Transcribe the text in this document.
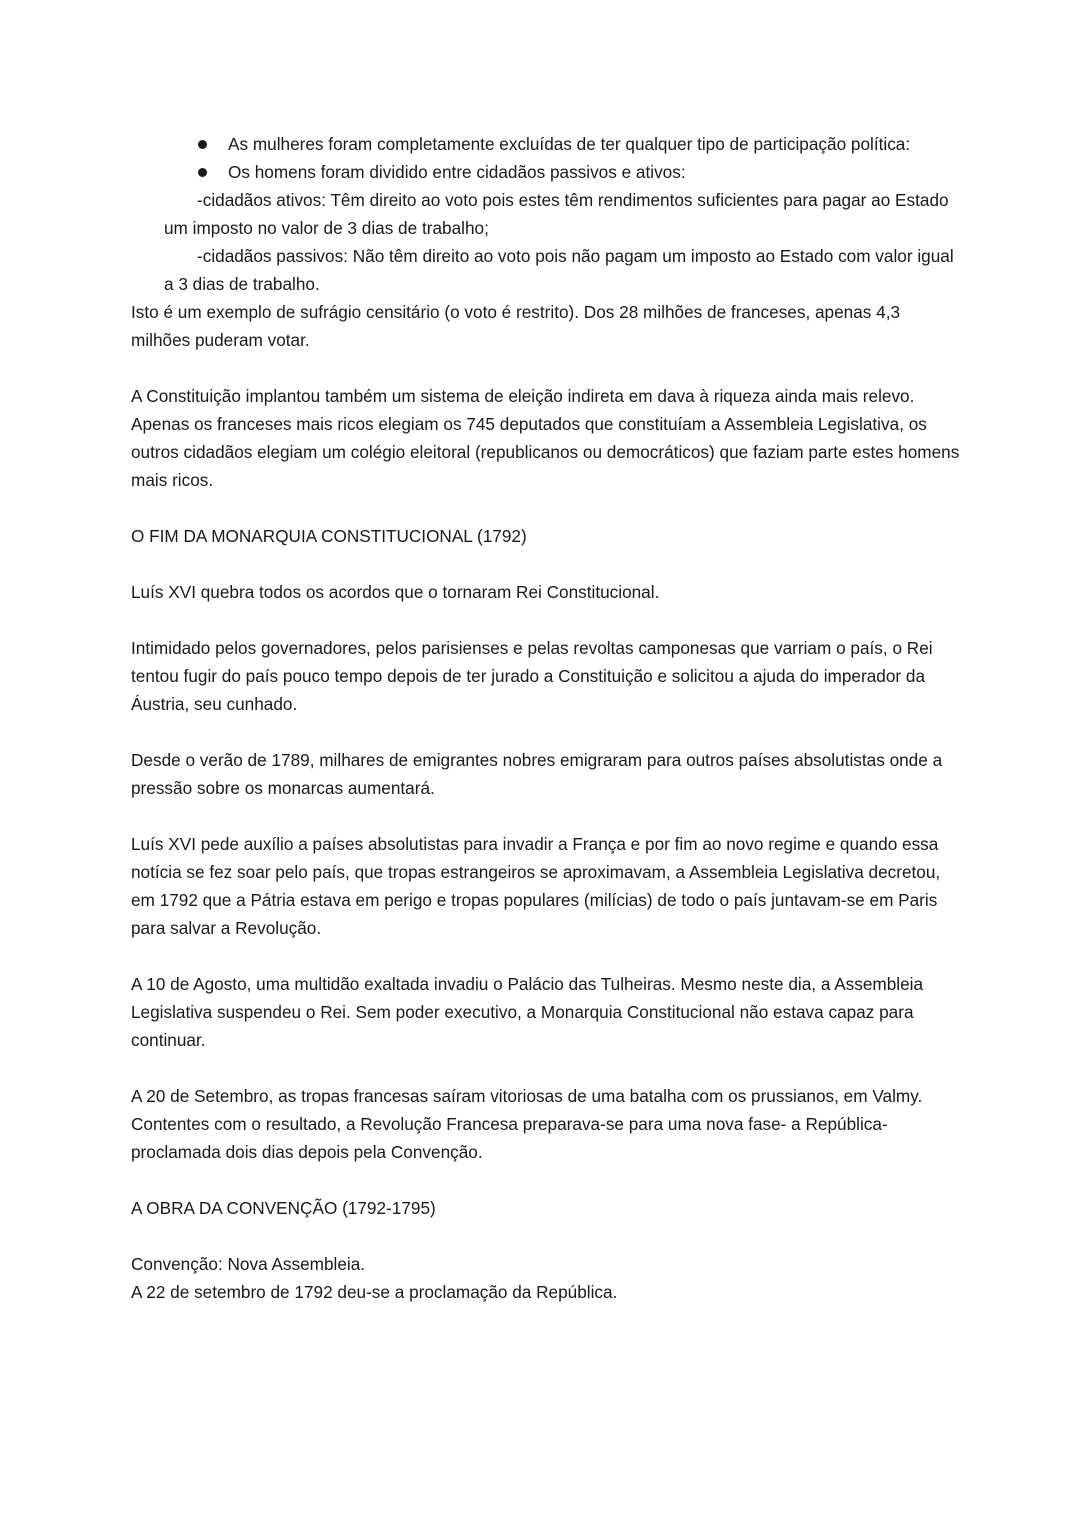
As mulheres foram completamente excluídas de ter qualquer tipo de participação política:
Os homens foram dividido entre cidadãos passivos e ativos:

-cidadãos ativos: Têm direito ao voto pois estes têm rendimentos suficientes para pagar ao Estado um imposto no valor de 3 dias de trabalho;

-cidadãos passivos: Não têm direito ao voto pois não pagam um imposto ao Estado com valor igual a 3 dias de trabalho.

Isto é um exemplo de sufrágio censitário (o voto é restrito). Dos 28 milhões de franceses, apenas 4,3 milhões puderam votar.

A Constituição implantou também um sistema de eleição indireta em dava à riqueza ainda mais relevo.

Apenas os franceses mais ricos elegiam os 745 deputados que constituíam a Assembleia Legislativa, os outros cidadãos elegiam um colégio eleitoral (republicanos ou democráticos) que faziam parte estes homens mais ricos.

O FIM DA MONARQUIA CONSTITUCIONAL (1792)

Luís XVI quebra todos os acordos que o tornaram Rei Constitucional.

Intimidado pelos governadores, pelos parisienses e pelas revoltas camponesas que varriam o país, o Rei tentou fugir do país pouco tempo depois de ter jurado a Constituição e solicitou a ajuda do imperador da Áustria, seu cunhado.

Desde o verão de 1789, milhares de emigrantes nobres emigraram para outros países absolutistas onde a pressão sobre os monarcas aumentará.

Luís XVI pede auxílio a países absolutistas para invadir a França e por fim ao novo regime e quando essa notícia se fez soar pelo país, que tropas estrangeiros se aproximavam, a Assembleia Legislativa decretou, em 1792 que a Pátria estava em perigo e tropas populares (milícias) de todo o país juntavam-se em Paris para salvar a Revolução.

A 10 de Agosto, uma multidão exaltada invadiu o Palácio das Tulheiras. Mesmo neste dia, a Assembleia Legislativa suspendeu o Rei. Sem poder executivo, a Monarquia Constitucional não estava capaz para continuar.

A 20 de Setembro, as tropas francesas saíram vitoriosas de uma batalha com os prussianos, em Valmy. Contentes com o resultado, a Revolução Francesa preparava-se para uma nova fase- a República- proclamada dois dias depois pela Convenção.

A OBRA DA CONVENÇÃO (1792-1795)

Convenção: Nova Assembleia.

A 22 de setembro de 1792 deu-se a proclamação da República.
